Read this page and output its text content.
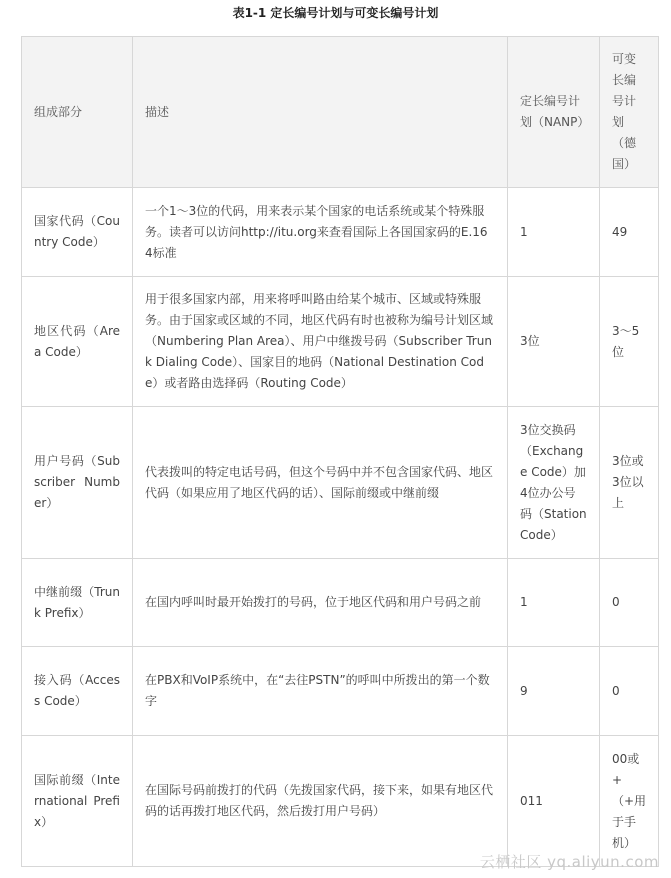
表1-1 定长编号计划与可变长编号计划
组成部分	描述	定长编号计划（NANP）	可变长编号计划（德国）
国家代码（Country Code）	一个1～3位的代码，用来表示某个国家的电话系统或某个特殊服务。读者可以访问http://itu.org来查看国际上各国国家码的E.164标准	1	49
地区代码（Area Code）	用于很多国家内部，用来将呼叫路由给某个城市、区域或特殊服务。由于国家或区域的不同，地区代码有时也被称为编号计划区域（Numbering Plan Area）、用户中继拨号码（Subscriber Trunk Dialing Code）、国家目的地码（National Destination Code）或者路由选择码（Routing Code）	3位	3～5位
用户号码（Subscriber Number）	代表拨叫的特定电话号码，但这个号码中并不包含国家代码、地区代码（如果应用了地区代码的话）、国际前缀或中继前缀	3位交换码（Exchange Code）加4位办公号码（Station Code）	3位或3位以上
中继前缀（Trunk Prefix）	在国内呼叫时最开始拨打的号码，位于地区代码和用户号码之前	1	0
接入码（Access Code）	在PBX和VoIP系统中，在“去往PSTN”的呼叫中所拨出的第一个数字	9	0
国际前缀（International Prefix）	在国际号码前拨打的代码（先拨国家代码，接下来，如果有地区代码的话再拨打地区代码，然后拨打用户号码）	011	00或+（+用于手机）
云栖社区 yq.aliyun.com
